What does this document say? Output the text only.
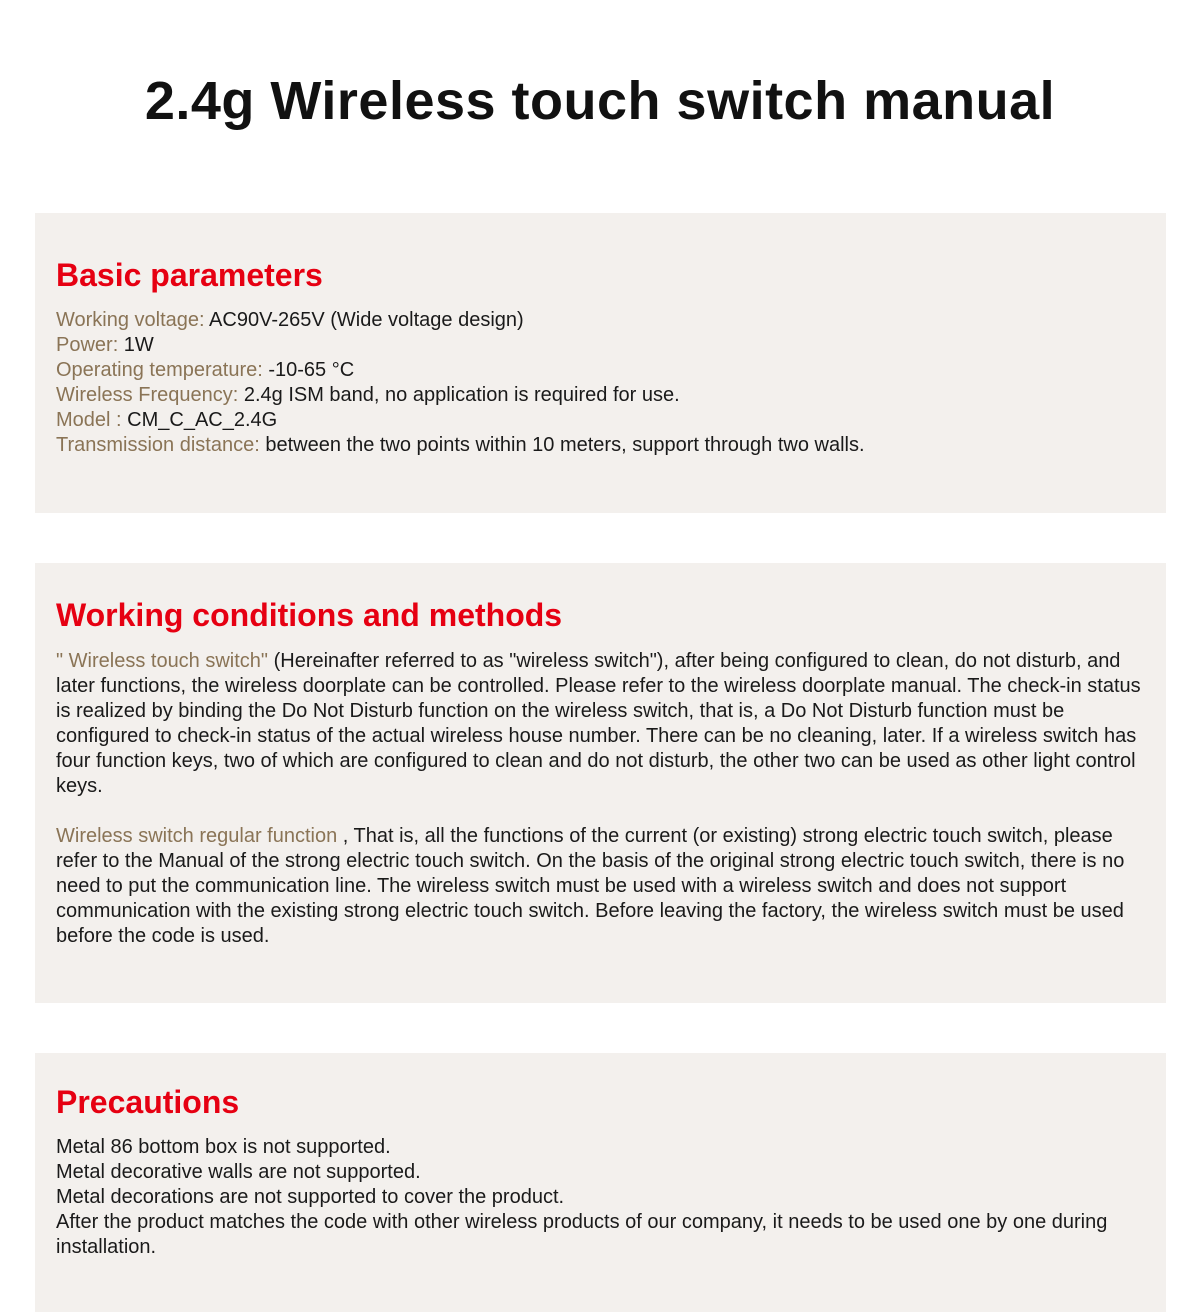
2.4g Wireless touch switch manual
Basic parameters
Working voltage: AC90V-265V (Wide voltage design)
Power: 1W
Operating temperature: -10-65 °C
Wireless Frequency: 2.4g ISM band, no application is required for use.
Model : CM_C_AC_2.4G
Transmission distance: between the two points within 10 meters, support through two walls.
Working conditions and methods

" Wireless touch switch" (Hereinafter referred to as "wireless switch"), after being configured to clean, do not disturb, and later functions, the wireless doorplate can be controlled. Please refer to the wireless doorplate manual. The check-in status is realized by binding the Do Not Disturb function on the wireless switch, that is, a Do Not Disturb function must be configured to check-in status of the actual wireless house number. There can be no cleaning, later. If a wireless switch has four function keys, two of which are configured to clean and do not disturb, the other two can be used as other light control keys.

Wireless switch regular function , That is, all the functions of the current (or existing) strong electric touch switch, please refer to the Manual of the strong electric touch switch. On the basis of the original strong electric touch switch, there is no need to put the communication line. The wireless switch must be used with a wireless switch and does not support communication with the existing strong electric touch switch. Before leaving the factory, the wireless switch must be used before the code is used.

Precautions
Metal 86 bottom box is not supported.
Metal decorative walls are not supported.
Metal decorations are not supported to cover the product.
After the product matches the code with other wireless products of our company, it needs to be used one by one during installation.
